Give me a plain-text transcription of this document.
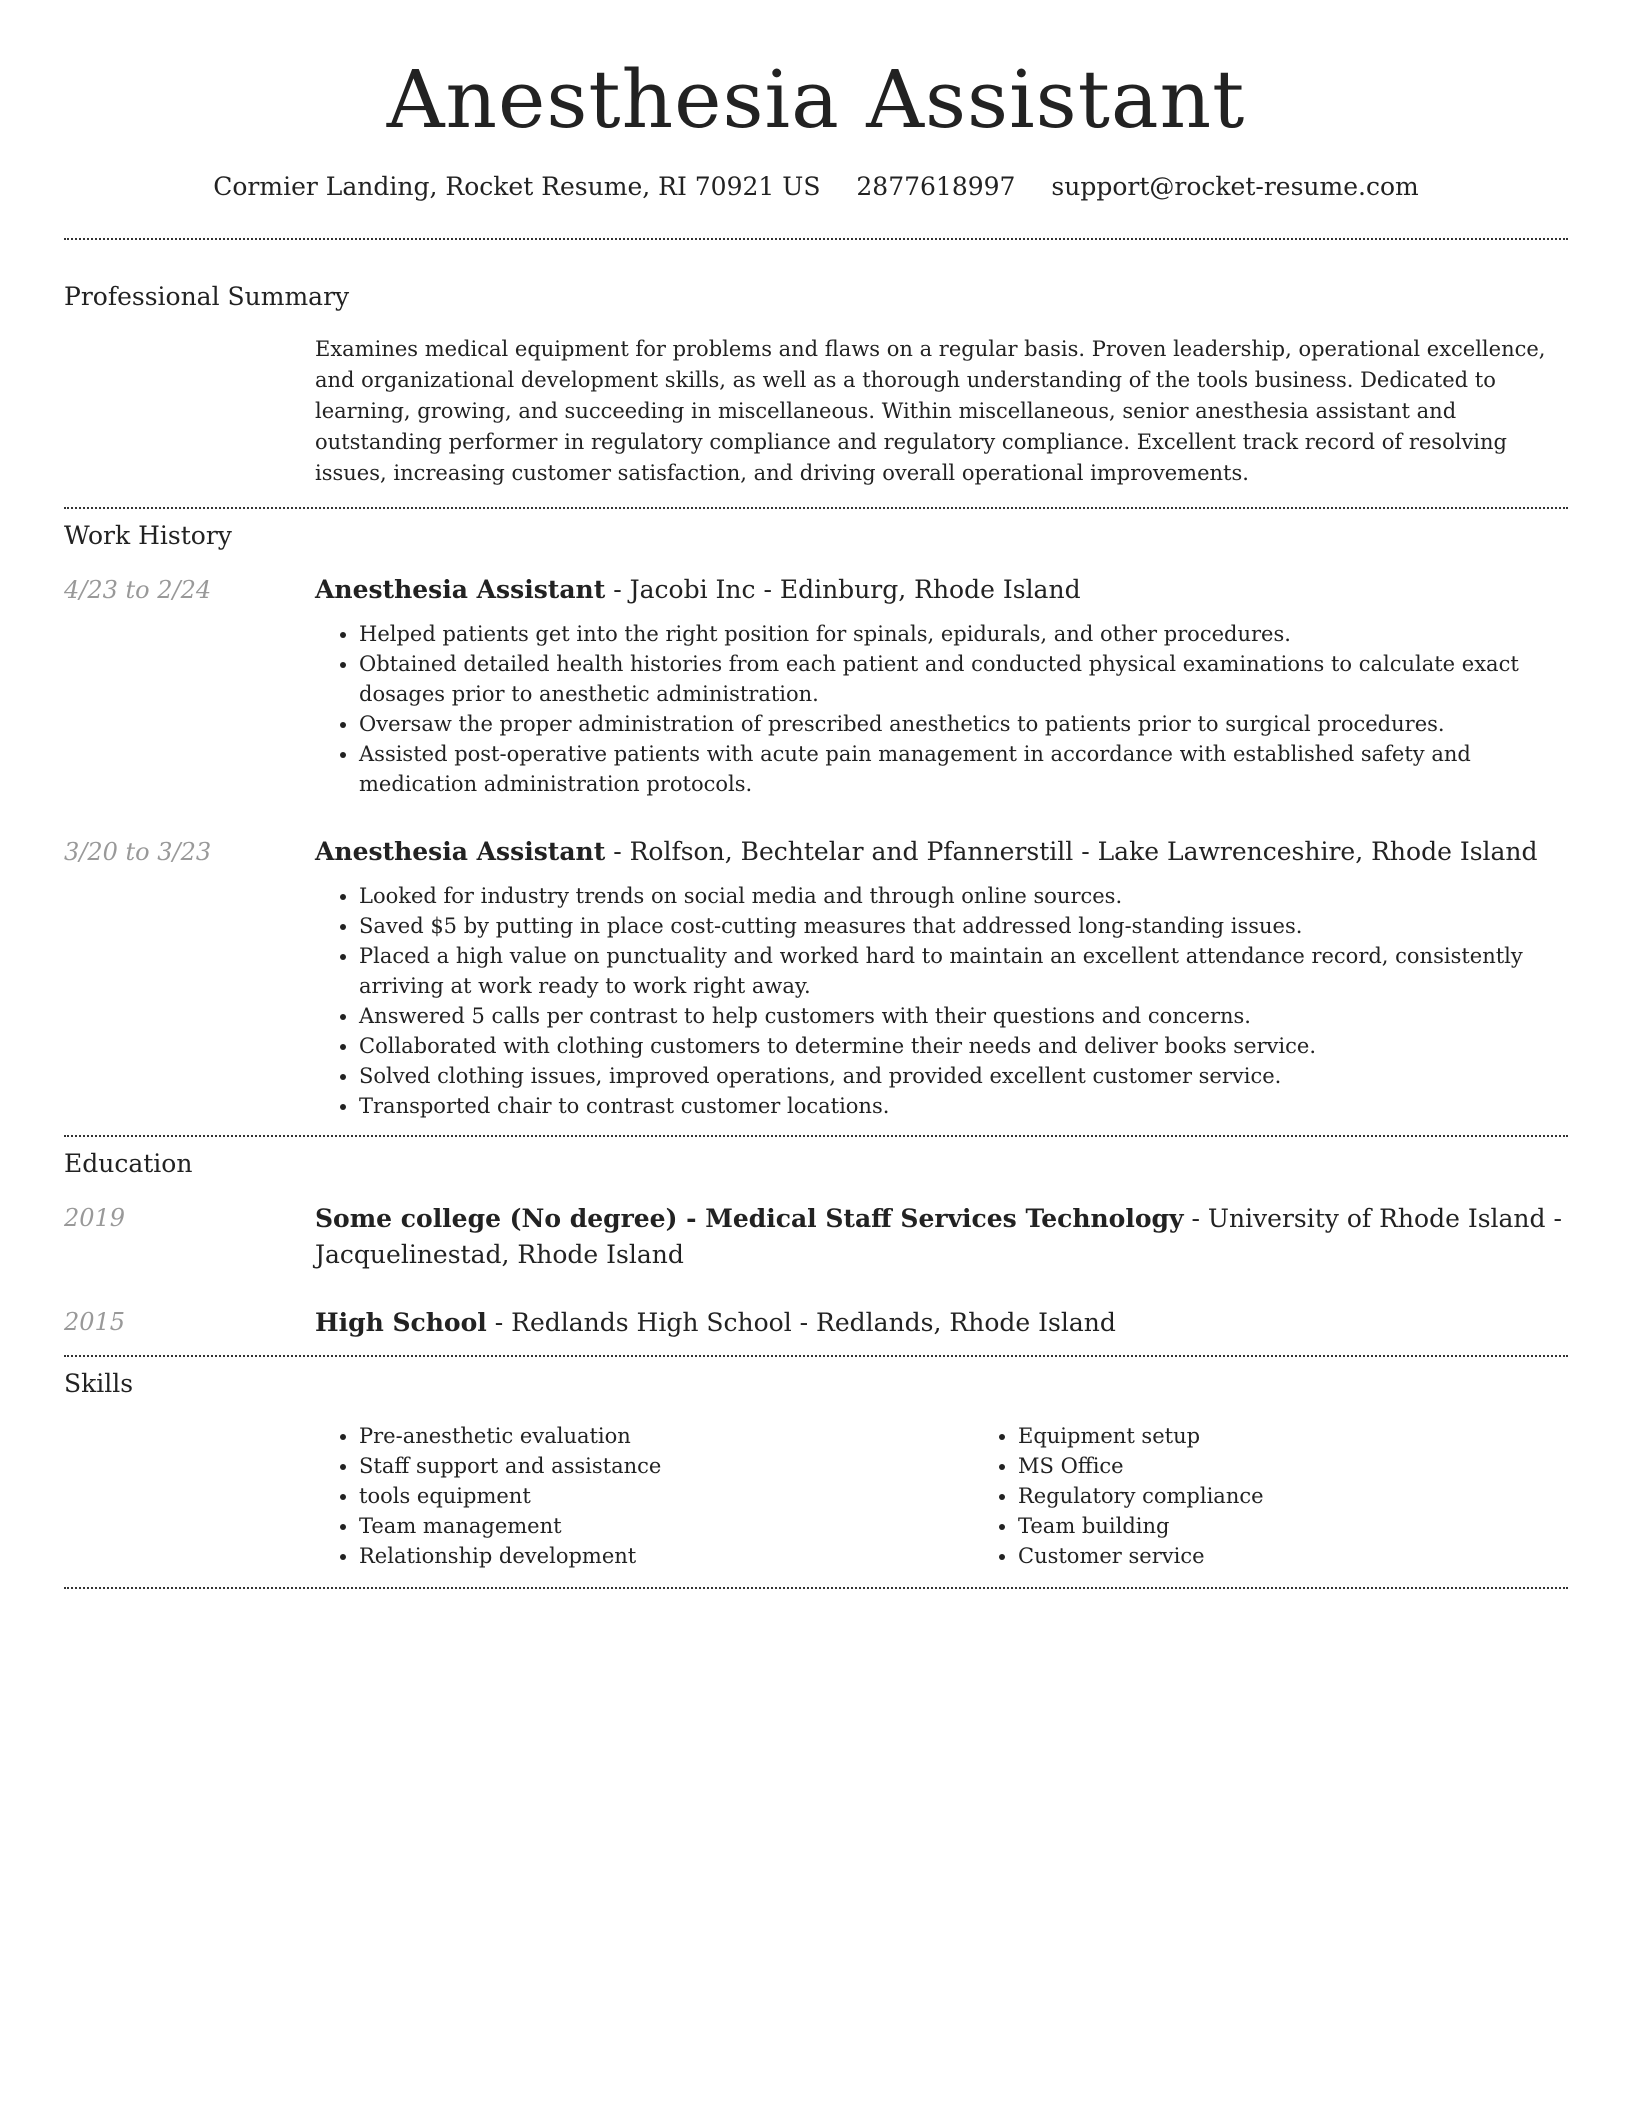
Anesthesia Assistant
Cormier Landing, Rocket Resume, RI 70921 US 2877618997 support@rocket-resume.com
Professional Summary

Examines medical equipment for problems and flaws on a regular basis. Proven leadership, operational excellence, and organizational development skills, as well as a thorough understanding of the tools business. Dedicated to learning, growing, and succeeding in miscellaneous. Within miscellaneous, senior anesthesia assistant and outstanding performer in regulatory compliance and regulatory compliance. Excellent track record of resolving issues, increasing customer satisfaction, and driving overall operational improvements.

Work History
4/23 to 2/24	Anesthesia Assistant - Jacobi Inc - Edinburg, Rhode Island
• Helped patients get into the right position for spinals, epidurals, and other procedures.
• Obtained detailed health histories from each patient and conducted physical examinations to calculate exact dosages prior to anesthetic administration.
• Oversaw the proper administration of prescribed anesthetics to patients prior to surgical procedures.
• Assisted post-operative patients with acute pain management in accordance with established safety and medication administration protocols.
3/20 to 3/23	Anesthesia Assistant - Rolfson, Bechtelar and Pfannerstill - Lake Lawrenceshire, Rhode Island
• Looked for industry trends on social media and through online sources.
• Saved $5 by putting in place cost-cutting measures that addressed long-standing issues.
• Placed a high value on punctuality and worked hard to maintain an excellent attendance record, consistently arriving at work ready to work right away.
• Answered 5 calls per contrast to help customers with their questions and concerns.
• Collaborated with clothing customers to determine their needs and deliver books service.
• Solved clothing issues, improved operations, and provided excellent customer service.
• Transported chair to contrast customer locations.
Education
2019	Some college (No degree) - Medical Staff Services Technology - University of Rhode Island - Jacquelinestad, Rhode Island
2015	High School - Redlands High School - Redlands, Rhode Island
Skills
• Pre-anesthetic evaluation
• Staff support and assistance
• tools equipment
• Team management
• Relationship development
• Equipment setup
• MS Office
• Regulatory compliance
• Team building
• Customer service
